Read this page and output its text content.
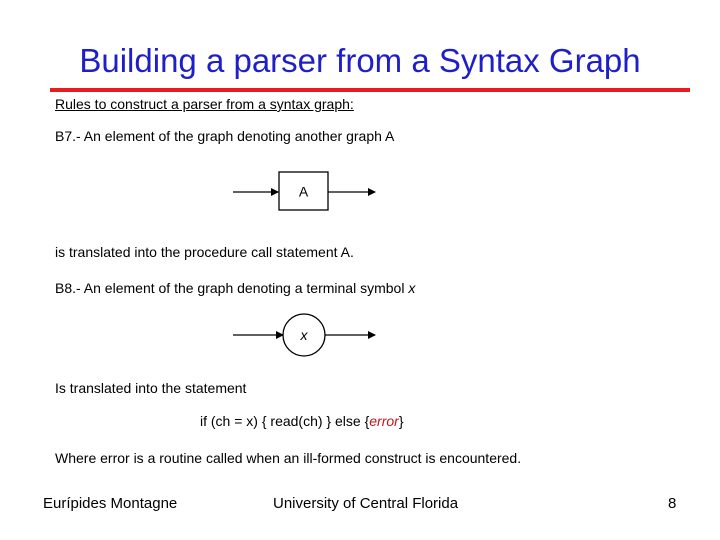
Building a parser from a Syntax Graph
Rules to construct a parser from a syntax graph:
B7.- An element of the graph denoting another graph A
A
x
is translated into the procedure call statement A.
B8.- An element of the graph denoting a terminal symbol x
Is translated into the statement
if (ch = x) { read(ch) } else {error}
Where error is a routine called when an ill-formed construct is encountered.
Eurípides Montagne	University of Central Florida	8
